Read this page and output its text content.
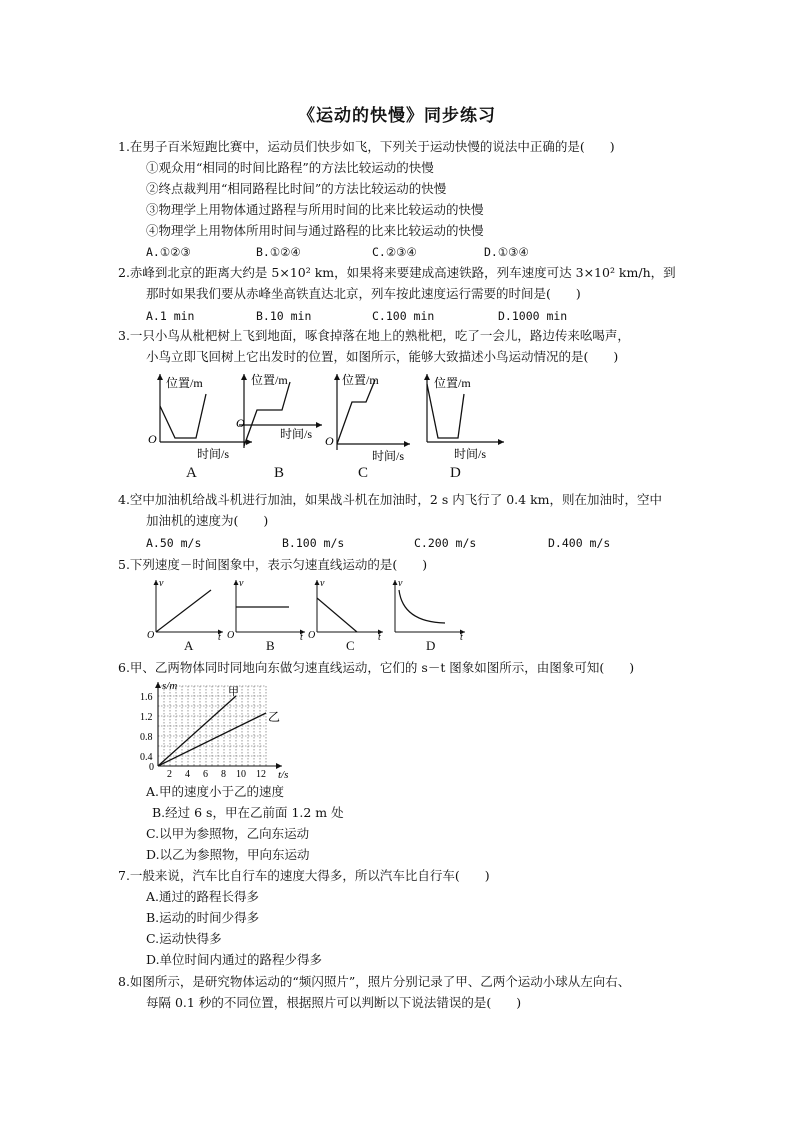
《运动的快慢》同步练习
1.在男子百米短跑比赛中，运动员们快步如飞，下列关于运动快慢的说法中正确的是(　　)
①观众用“相同的时间比路程”的方法比较运动的快慢
②终点裁判用“相同路程比时间”的方法比较运动的快慢
③物理学上用物体通过路程与所用时间的比来比较运动的快慢
④物理学上用物体所用时间与通过路程的比来比较运动的快慢
A.①②③	B.①②④	C.②③④	D.①③④
2.赤峰到北京的距离大约是 5×10² km，如果将来要建成高速铁路，列车速度可达 3×10² km/h，到
那时如果我们要从赤峰坐高铁直达北京，列车按此速度运行需要的时间是(　　)
A.1 min	B.10 min	C.100 min	D.1000 min
3.一只小鸟从枇杷树上飞到地面，啄食掉落在地上的熟枇杷，吃了一会儿，路边传来吆喝声，
小鸟立即飞回树上它出发时的位置，如图所示，能够大致描述小鸟运动情况的是(　　)
位置/m
O
时间/s
位置/m
O
时间/s
位置/m
O
时间/s
位置/m
时间/s
A	B	C	D
4.空中加油机给战斗机进行加油，如果战斗机在加油时，2 s 内飞行了 0.4 km，则在加油时，空中
加油机的速度为(　　)
A.50 m/s	B.100 m/s	C.200 m/s	D.400 m/s
5.下列速度－时间图象中，表示匀速直线运动的是(　　)
v
O	t
v
O	t
v
O	t
v
t
A	B	C	D
6.甲、乙两物体同时同地向东做匀速直线运动，它们的 s－t 图象如图所示，由图象可知(　　)
s/m	甲
乙
1.6
1.2
0.8
0.4
0
2 4 6 8 10 12 t/s
A.甲的速度小于乙的速度
B.经过 6 s，甲在乙前面 1.2 m 处
C.以甲为参照物，乙向东运动
D.以乙为参照物，甲向东运动
7.一般来说，汽车比自行车的速度大得多，所以汽车比自行车(　　)
A.通过的路程长得多
B.运动的时间少得多
C.运动快得多
D.单位时间内通过的路程少得多
8.如图所示，是研究物体运动的“频闪照片”，照片分别记录了甲、乙两个运动小球从左向右、
每隔 0.1 秒的不同位置，根据照片可以判断以下说法错误的是(　　)
